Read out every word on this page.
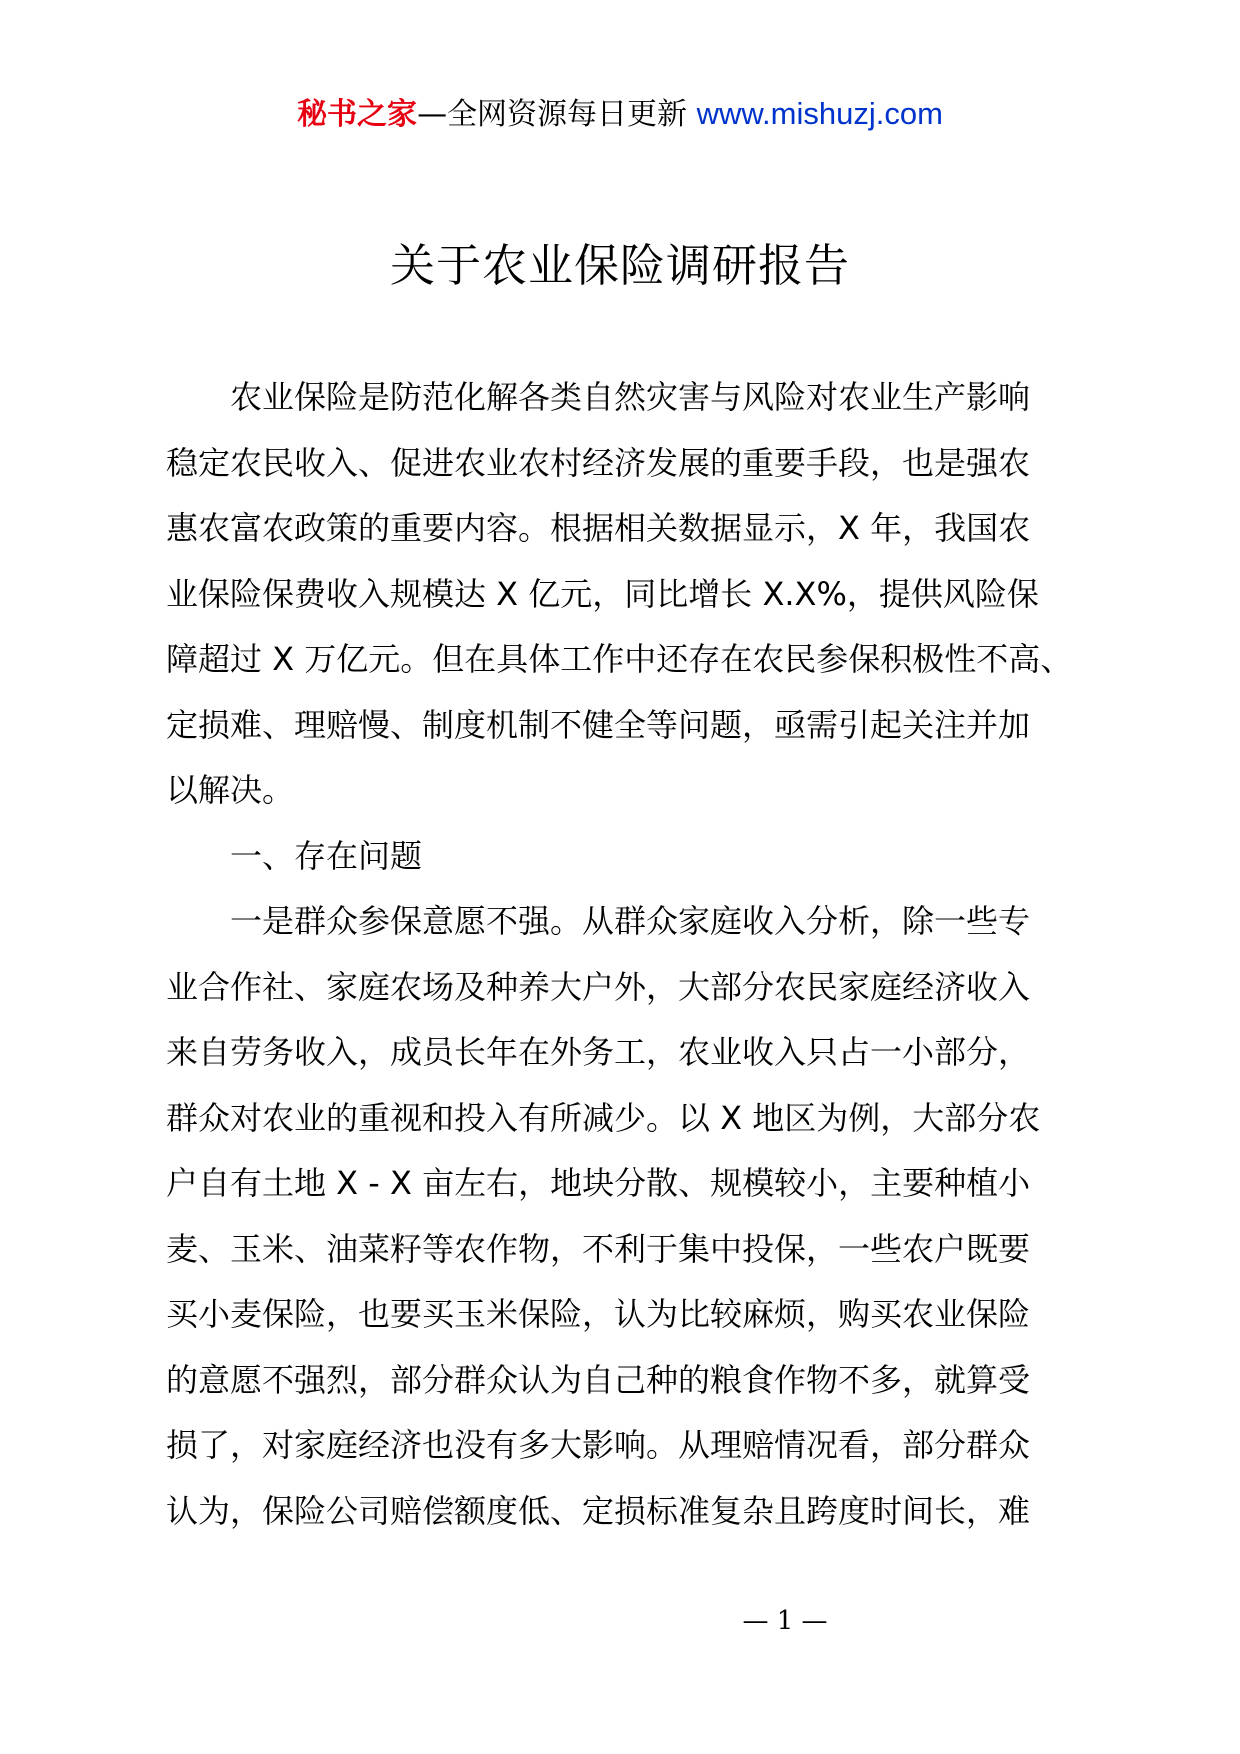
秘书之家—全网资源每日更新 www.mishuzj.com
关于农业保险调研报告
农业保险是防范化解各类自然灾害与风险对农业生产影响
稳定农民收入、促进农业农村经济发展的重要手段，也是强农
惠农富农政策的重要内容。根据相关数据显示，X 年，我国农
业保险保费收入规模达 X 亿元，同比增长 X.X%，提供风险保
障超过 X 万亿元。但在具体工作中还存在农民参保积极性不高、
定损难、理赔慢、制度机制不健全等问题，亟需引起关注并加
以解决。
一、存在问题
一是群众参保意愿不强。从群众家庭收入分析，除一些专
业合作社、家庭农场及种养大户外，大部分农民家庭经济收入
来自劳务收入，成员长年在外务工，农业收入只占一小部分，
群众对农业的重视和投入有所减少。以 X 地区为例，大部分农
户自有土地 X - X 亩左右，地块分散、规模较小，主要种植小
麦、玉米、油菜籽等农作物，不利于集中投保，一些农户既要
买小麦保险，也要买玉米保险，认为比较麻烦，购买农业保险
的意愿不强烈，部分群众认为自己种的粮食作物不多，就算受
损了，对家庭经济也没有多大影响。从理赔情况看，部分群众
认为，保险公司赔偿额度低、定损标准复杂且跨度时间长，难
— 1 —
